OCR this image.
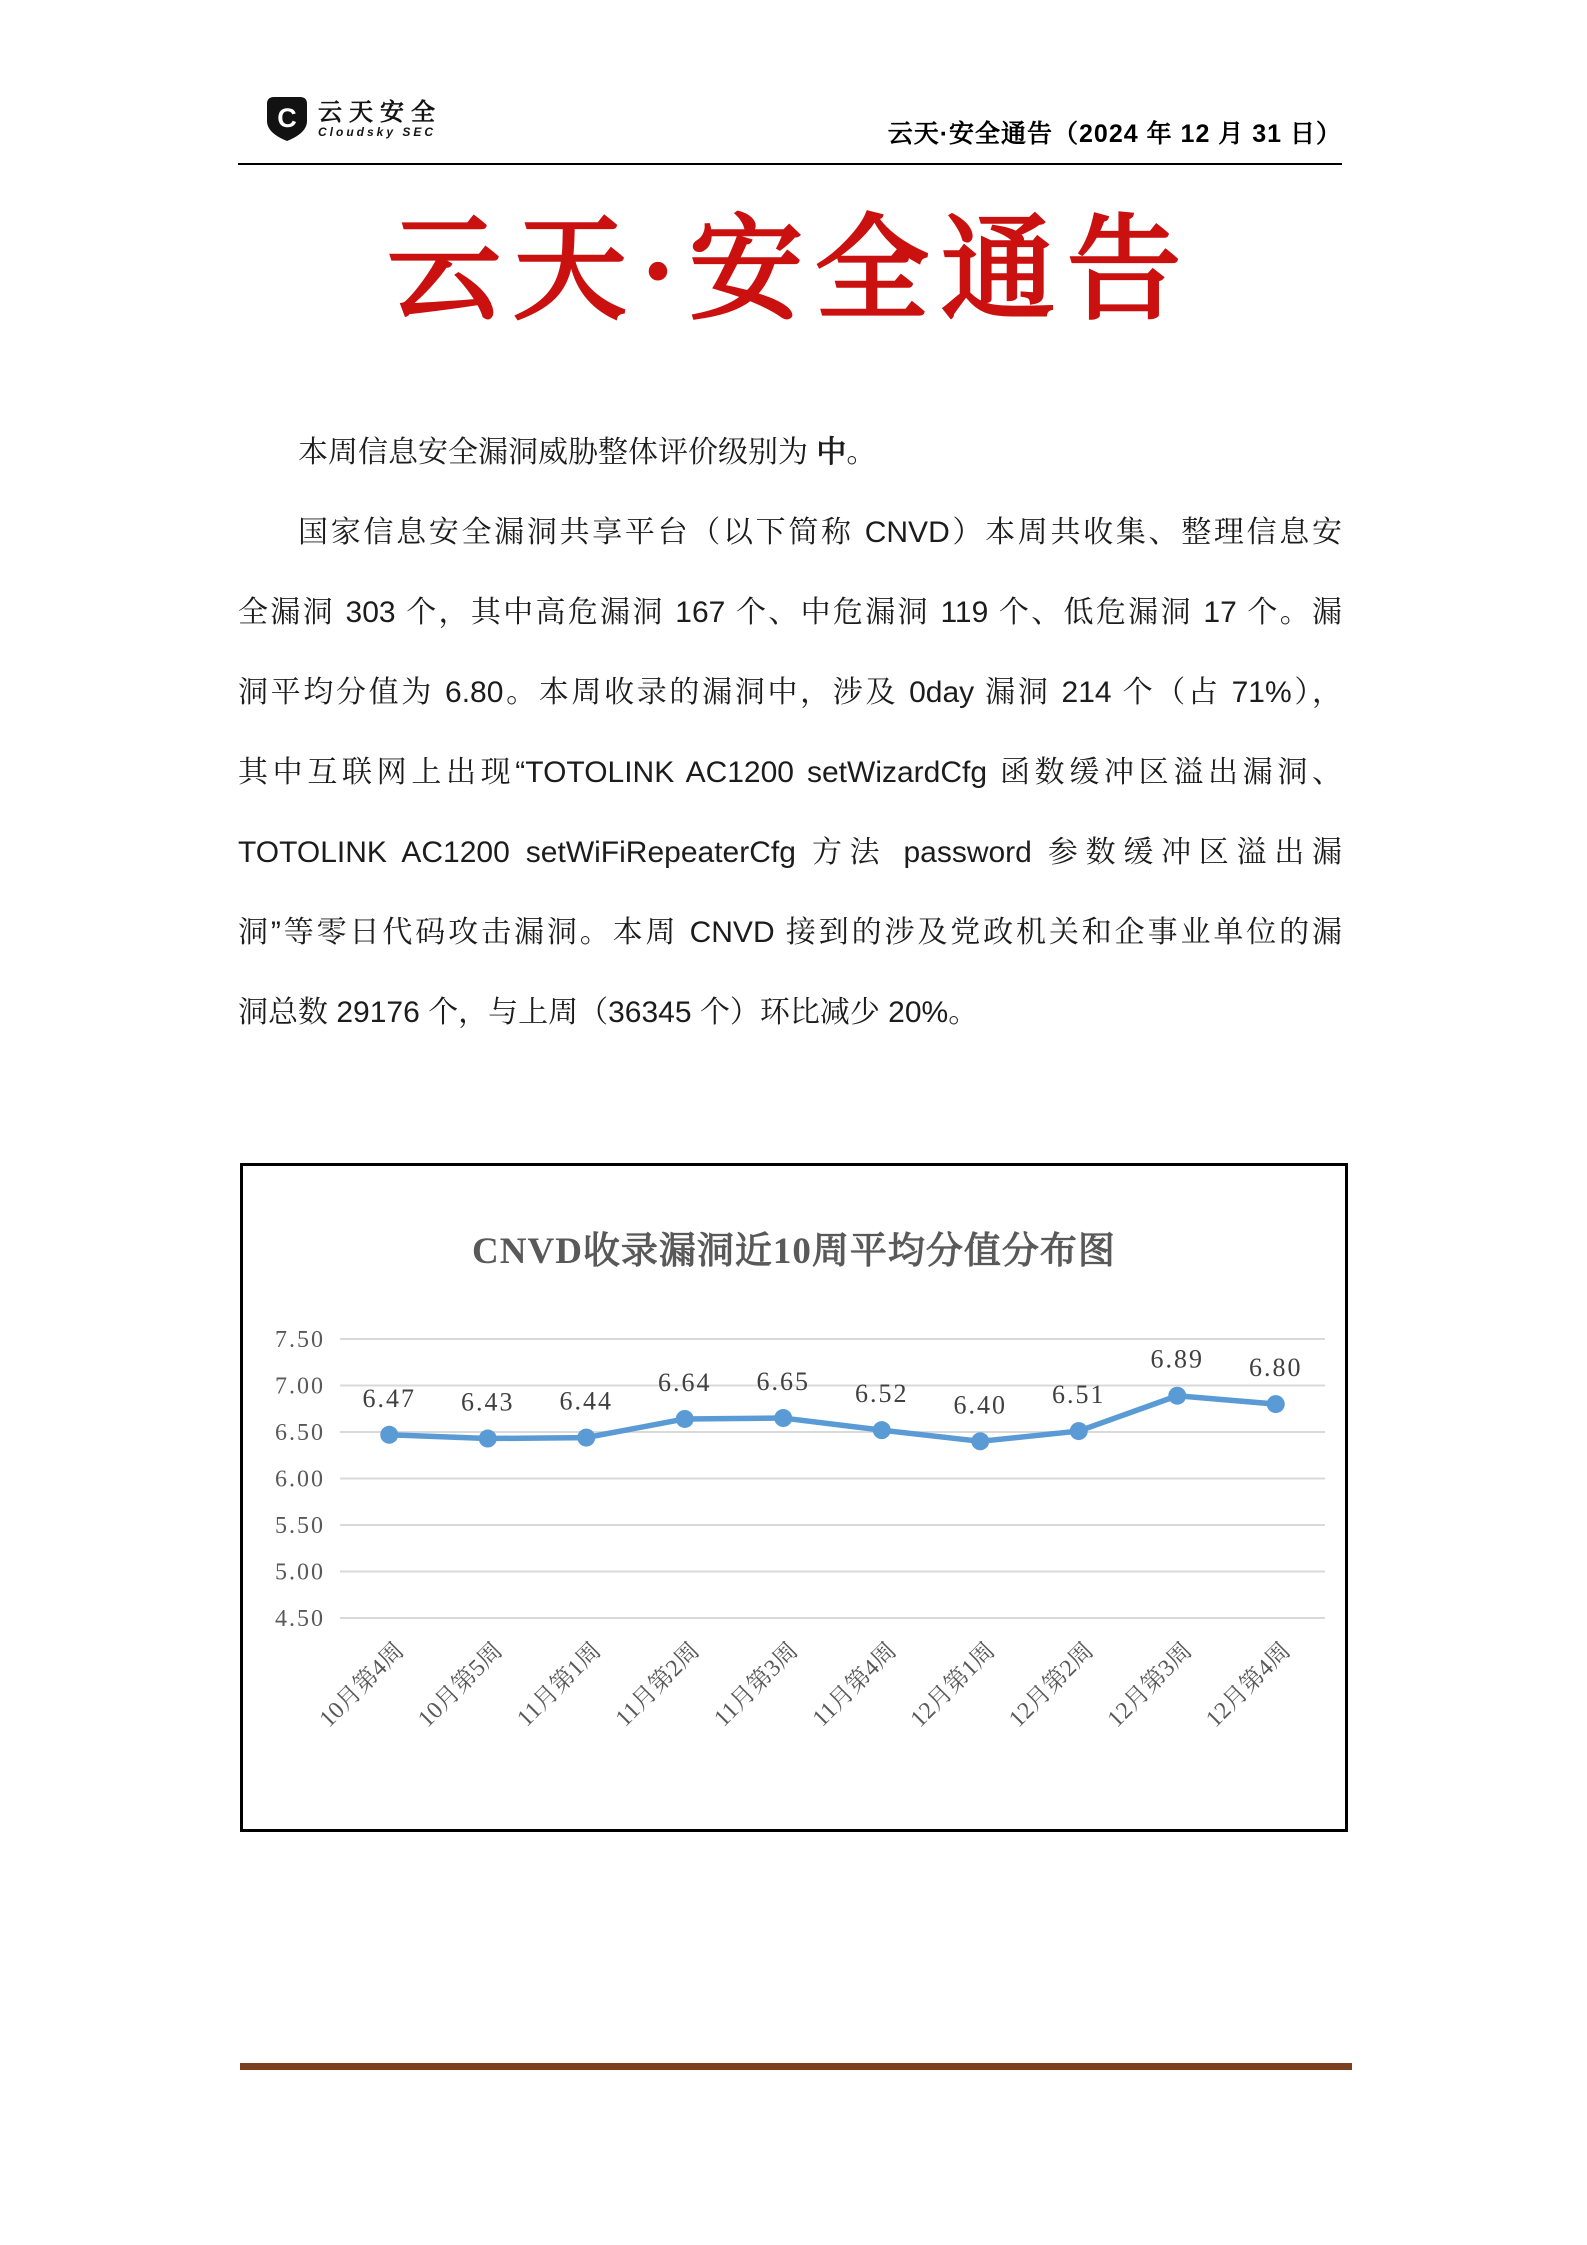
C 云天安全
Cloudsky SEC	云天·安全通告（2024 年 12 月 31 日）
云天·安全通告

本周信息安全漏洞威胁整体评价级别为 中。

国家信息安全漏洞共享平台（以下简称 CNVD）本周共收集、整理信息安

全漏洞 303 个，其中高危漏洞 167 个、中危漏洞 119 个、低危漏洞 17 个。漏

洞平均分值为 6.80。本周收录的漏洞中，涉及 0day 漏洞 214 个（占 71%），

其中互联网上出现“TOTOLINK AC1200 setWizardCfg 函数缓冲区溢出漏洞、

TOTOLINK AC1200 setWiFiRepeaterCfg 方法 password 参数缓冲区溢出漏

洞”等零日代码攻击漏洞。本周 CNVD 接到的涉及党政机关和企事业单位的漏

洞总数 29176 个，与上周（36345 个）环比减少 20%。

CNVD收录漏洞近10周平均分值分布图
7.50
7.00
6.50
6.00
5.50
5.00
4.50
10月第4周 10月第5周 11月第1周 11月第2周 11月第3周 11月第4周 12月第1周 12月第2周 12月第3周 12月第4周
6.47 6.43 6.44
6.64 6.65 6.52 6.40 6.51
6.89 6.80
